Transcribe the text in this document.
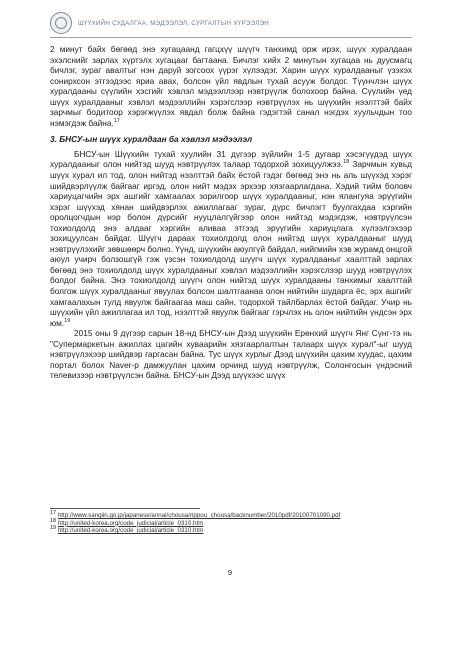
ШҮҮХИЙН СУДАЛГАА, МЭДЭЭЛЭЛ, СУРГАЛТЫН ХҮРЭЭЛЭН

2 минут байх бөгөөд энэ хугацаанд гагцхүү шүүгч танхимд орж ирэх, шүүх хуралдаан эхэлснийг зарлах хүртэлх хугацааг багтаана. Бичлэг хийх 2 минутын хугацаа нь дуусмагц бичлэг, зураг авалтыг нэн даруй зогсоох үүрэг хүлээдэг. Харин шүүх хуралдааныг үзэхэх сонирхсон этгээдээс яриа авах, болсон үйл явдлын тухай асууж болдог. Түүнчлэн шүүх хуралдааны сүүлийн хэсгийг хэвлэл мэдээллээр нэвтрүүлж болохоор байна. Сүүлийн үед шүүх хуралдааныг хэвлэл мэдээллийн хэрэгслээр нэвтрүүлэх нь шүүхийн нээлттэй байх зарчмыг бодитоор хэрэгжүүлэх явдал болж байна гэдэгтэй санал нэгдэх хуульчдын тоо нэмэгдэж байна.$^{17}$

3. БНСУ-ын шүүх хуралдаан ба хэвлэл мэдээлэл

БНСУ-ын Шүүхийн тухай хуулийн 31 дүгээр зүйлийн 1-5 дугаар хэсэгүүдэд шүүх хуралдааныг олон нийтэд шууд нэвтрүүлэх талаар тодорхой зохицуулжээ.$^{18}$ Зарчмын хувьд шүүх хурал ил тод, олон нийтэд нээлттэй байх ёстой гэдэг бөгөөд энэ нь аль шүүхэд хэрэг шийдвэрлүүлж байгааг иргэд, олон нийт мэдэх эрхээр хязгаарлагдана. Хэдий тийм боловч хариуцагчийн эрх ашгийг хамгаалах зорилгоор шүүх хуралдааныг, нэн ялангуяа эрүүгийн хэрэг шүүхэд хянан шийдвэрлэх ажиллагааг зураг, дүрс бичлэгт буулгахдаа хэргийн оролцогчдын нэр болон дүрсийг нууцлалгүйгээр олон нийтэд мэдэгдэж, нэвтрүүлсэн тохиолдолд энэ алдааг хэргийн аливаа этгээд эрүүгийн хариуцлага хүлээлгэхээр зохицуулсан байдаг. Шүүгч дараах тохиолдолд олон нийтэд шүүх хуралдааныг шууд нэвтрүүлэхийг зөвшөөрч болно. Үүнд, шүүхийн аюулгүй байдал, нийгмийн хэв журамд онцгой аюул учирч болзошгүй гэж үзсэн тохиолдолд шүүгч шүүх хуралдааныг хаалттай зарлах бөгөөд энэ тохиолдолд шүүх хуралдааныг хэвлэл мэдээллийн хэрэгслээр шууд нэвтрүүлэх болдог байна. Энэ тохиолдолд шүүгч олон нийтэд шүүх хуралдааны танхимыг хаалттай болгож шүүх хуралдааныг явуулах болсон шалтгаанаа олон нийтийн шударга ёс, эрх ашгийг хамгаалахын тулд явуулж байгаагаа маш сайн, тодорхой тайлбарлах ёстой байдаг. Учир нь шүүхийн үйл ажиллагаа ил тод, нээлттэй явуулж байгааг гэрчлэх нь олон нийтийн үндсэн эрх юм.$^{19}$

2015 оны 9 дүгээр сарын 18-нд БНСУ-ын Дээд шүүхийн Ерөнхий шүүгч Янг Сүнг-тэ нь "Супермаркетын ажиллах цагийн хуваарийн хязгаарлалтын талаарх шүүх хурал"-ыг шууд нэвтрүүлэхээр шийдвэр гаргасан байна. Тус шүүх хурлыг Дээд шүүхийн цахим хуудас, цахим портал болох Naver-р дамжуулан цахим орчинд шууд нэвтрүүлж, Солонгосын үндэсний телевизээр нэвтрүүлсэн байна. БНСУ-ын Дээд шүүхээс шүүх

$^{17}$ http://www.sangiin.go.jp/japanese/annai/chousa/rippou_chousa/backnumber/2010pdf/20100701090.pdf

$^{18}$ http://united-korea.org/code_judicial/article_0310.htm

$^{19}$ http://united-korea.org/code_judicial/article_0310.htm

9
